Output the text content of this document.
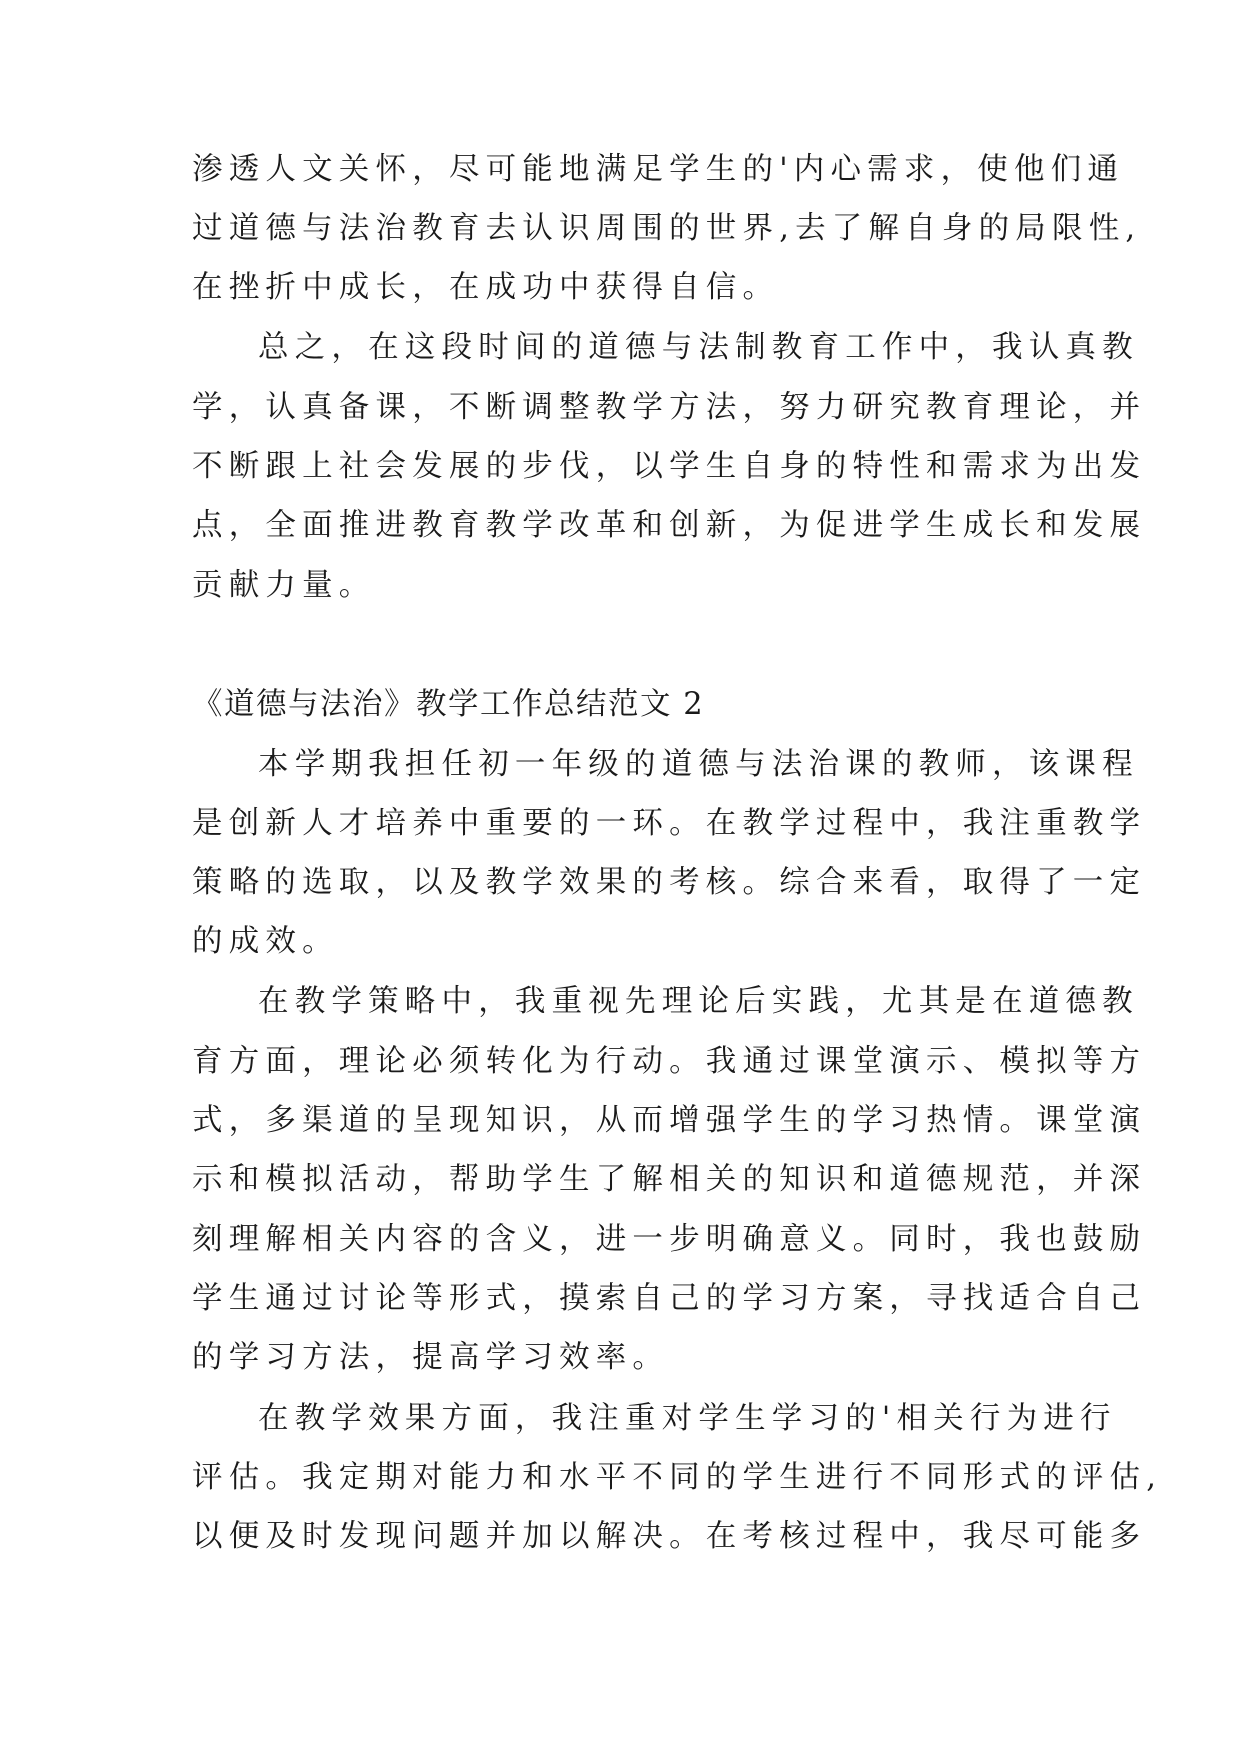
渗透人文关怀，尽可能地满足学生的'内心需求，使他们通
过道德与法治教育去认识周围的世界,去了解自身的局限性,
在挫折中成长，在成功中获得自信。
总之，在这段时间的道德与法制教育工作中，我认真教
学，认真备课，不断调整教学方法，努力研究教育理论，并
不断跟上社会发展的步伐，以学生自身的特性和需求为出发
点，全面推进教育教学改革和创新，为促进学生成长和发展
贡献力量。
《道德与法治》教学工作总结范文 2
本学期我担任初一年级的道德与法治课的教师，该课程
是创新人才培养中重要的一环。在教学过程中，我注重教学
策略的选取，以及教学效果的考核。综合来看，取得了一定
的成效。
在教学策略中，我重视先理论后实践，尤其是在道德教
育方面，理论必须转化为行动。我通过课堂演示、模拟等方
式，多渠道的呈现知识，从而增强学生的学习热情。课堂演
示和模拟活动，帮助学生了解相关的知识和道德规范，并深
刻理解相关内容的含义，进一步明确意义。同时，我也鼓励
学生通过讨论等形式，摸索自己的学习方案，寻找适合自己
的学习方法，提高学习效率。
在教学效果方面，我注重对学生学习的'相关行为进行
评估。我定期对能力和水平不同的学生进行不同形式的评估,
以便及时发现问题并加以解决。在考核过程中，我尽可能多
